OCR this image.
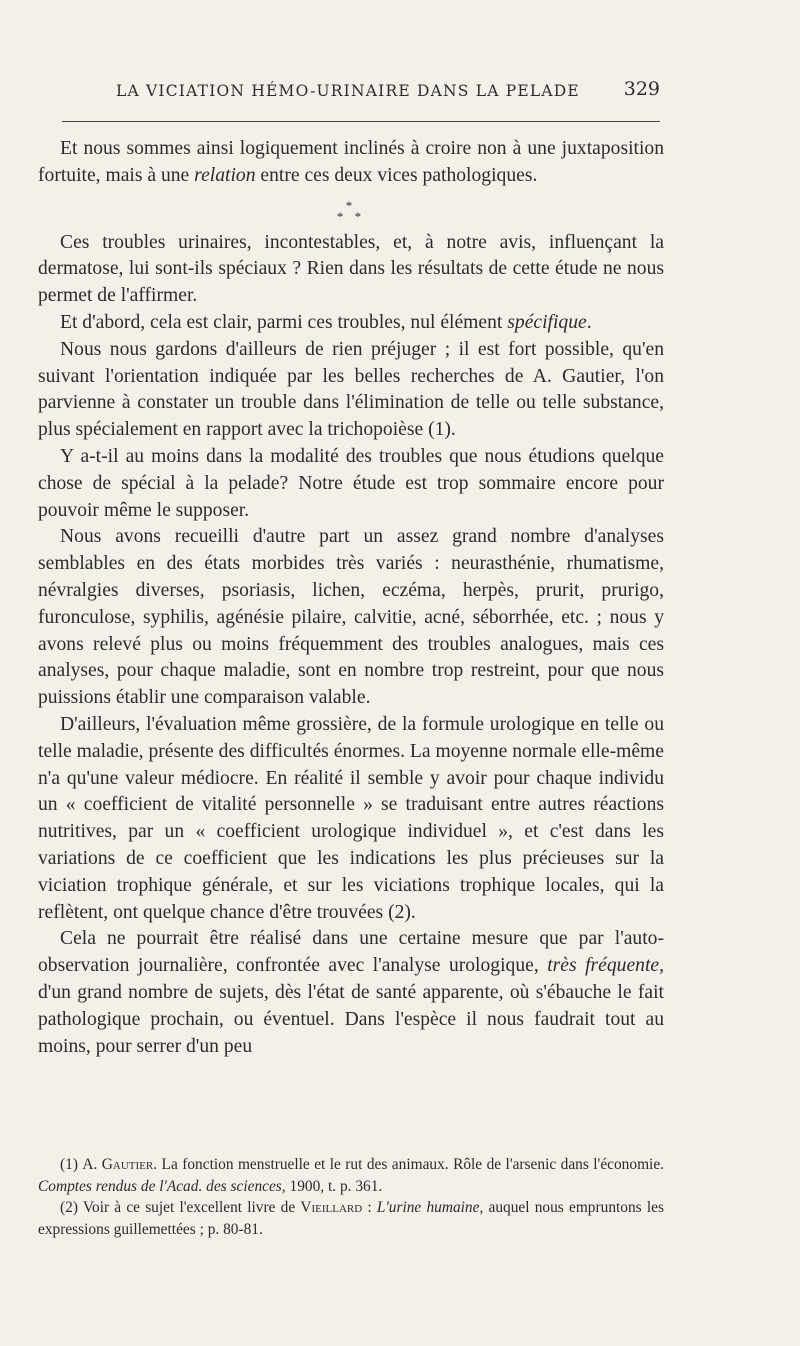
LA VICIATION HÉMO-URINAIRE DANS LA PELADE 329

Et nous sommes ainsi logiquement inclinés à croire non à une juxtaposition fortuite, mais à une relation entre ces deux vices pathologiques.

*
* *

Ces troubles urinaires, incontestables, et, à notre avis, influençant la dermatose, lui sont-ils spéciaux ? Rien dans les résultats de cette étude ne nous permet de l'affirmer.

Et d'abord, cela est clair, parmi ces troubles, nul élément spécifique.

Nous nous gardons d'ailleurs de rien préjuger ; il est fort possible, qu'en suivant l'orientation indiquée par les belles recherches de A. Gautier, l'on parvienne à constater un trouble dans l'élimination de telle ou telle substance, plus spécialement en rapport avec la trichopoièse (1).

Y a-t-il au moins dans la modalité des troubles que nous étudions quelque chose de spécial à la pelade? Notre étude est trop sommaire encore pour pouvoir même le supposer.

Nous avons recueilli d'autre part un assez grand nombre d'analyses semblables en des états morbides très variés : neurasthénie, rhumatisme, névralgies diverses, psoriasis, lichen, eczéma, herpès, prurit, prurigo, furonculose, syphilis, agénésie pilaire, calvitie, acné, séborrhée, etc. ; nous y avons relevé plus ou moins fréquemment des troubles analogues, mais ces analyses, pour chaque maladie, sont en nombre trop restreint, pour que nous puissions établir une comparaison valable.

D'ailleurs, l'évaluation même grossière, de la formule urologique en telle ou telle maladie, présente des difficultés énormes. La moyenne normale elle-même n'a qu'une valeur médiocre. En réalité il semble y avoir pour chaque individu un « coefficient de vitalité personnelle » se traduisant entre autres réactions nutritives, par un « coefficient urologique individuel », et c'est dans les variations de ce coefficient que les indications les plus précieuses sur la viciation trophique générale, et sur les viciations trophique locales, qui la reflètent, ont quelque chance d'être trouvées (2).

Cela ne pourrait être réalisé dans une certaine mesure que par l'auto-observation journalière, confrontée avec l'analyse urologique, très fréquente, d'un grand nombre de sujets, dès l'état de santé apparente, où s'ébauche le fait pathologique prochain, ou éventuel. Dans l'espèce il nous faudrait tout au moins, pour serrer d'un peu

(1) A. Gautier. La fonction menstruelle et le rut des animaux. Rôle de l'arsenic dans l'économie. Comptes rendus de l'Acad. des sciences, 1900, t. p. 361.

(2) Voir à ce sujet l'excellent livre de Vieillard : L'urine humaine, auquel nous empruntons les expressions guillemettées ; p. 80-81.
